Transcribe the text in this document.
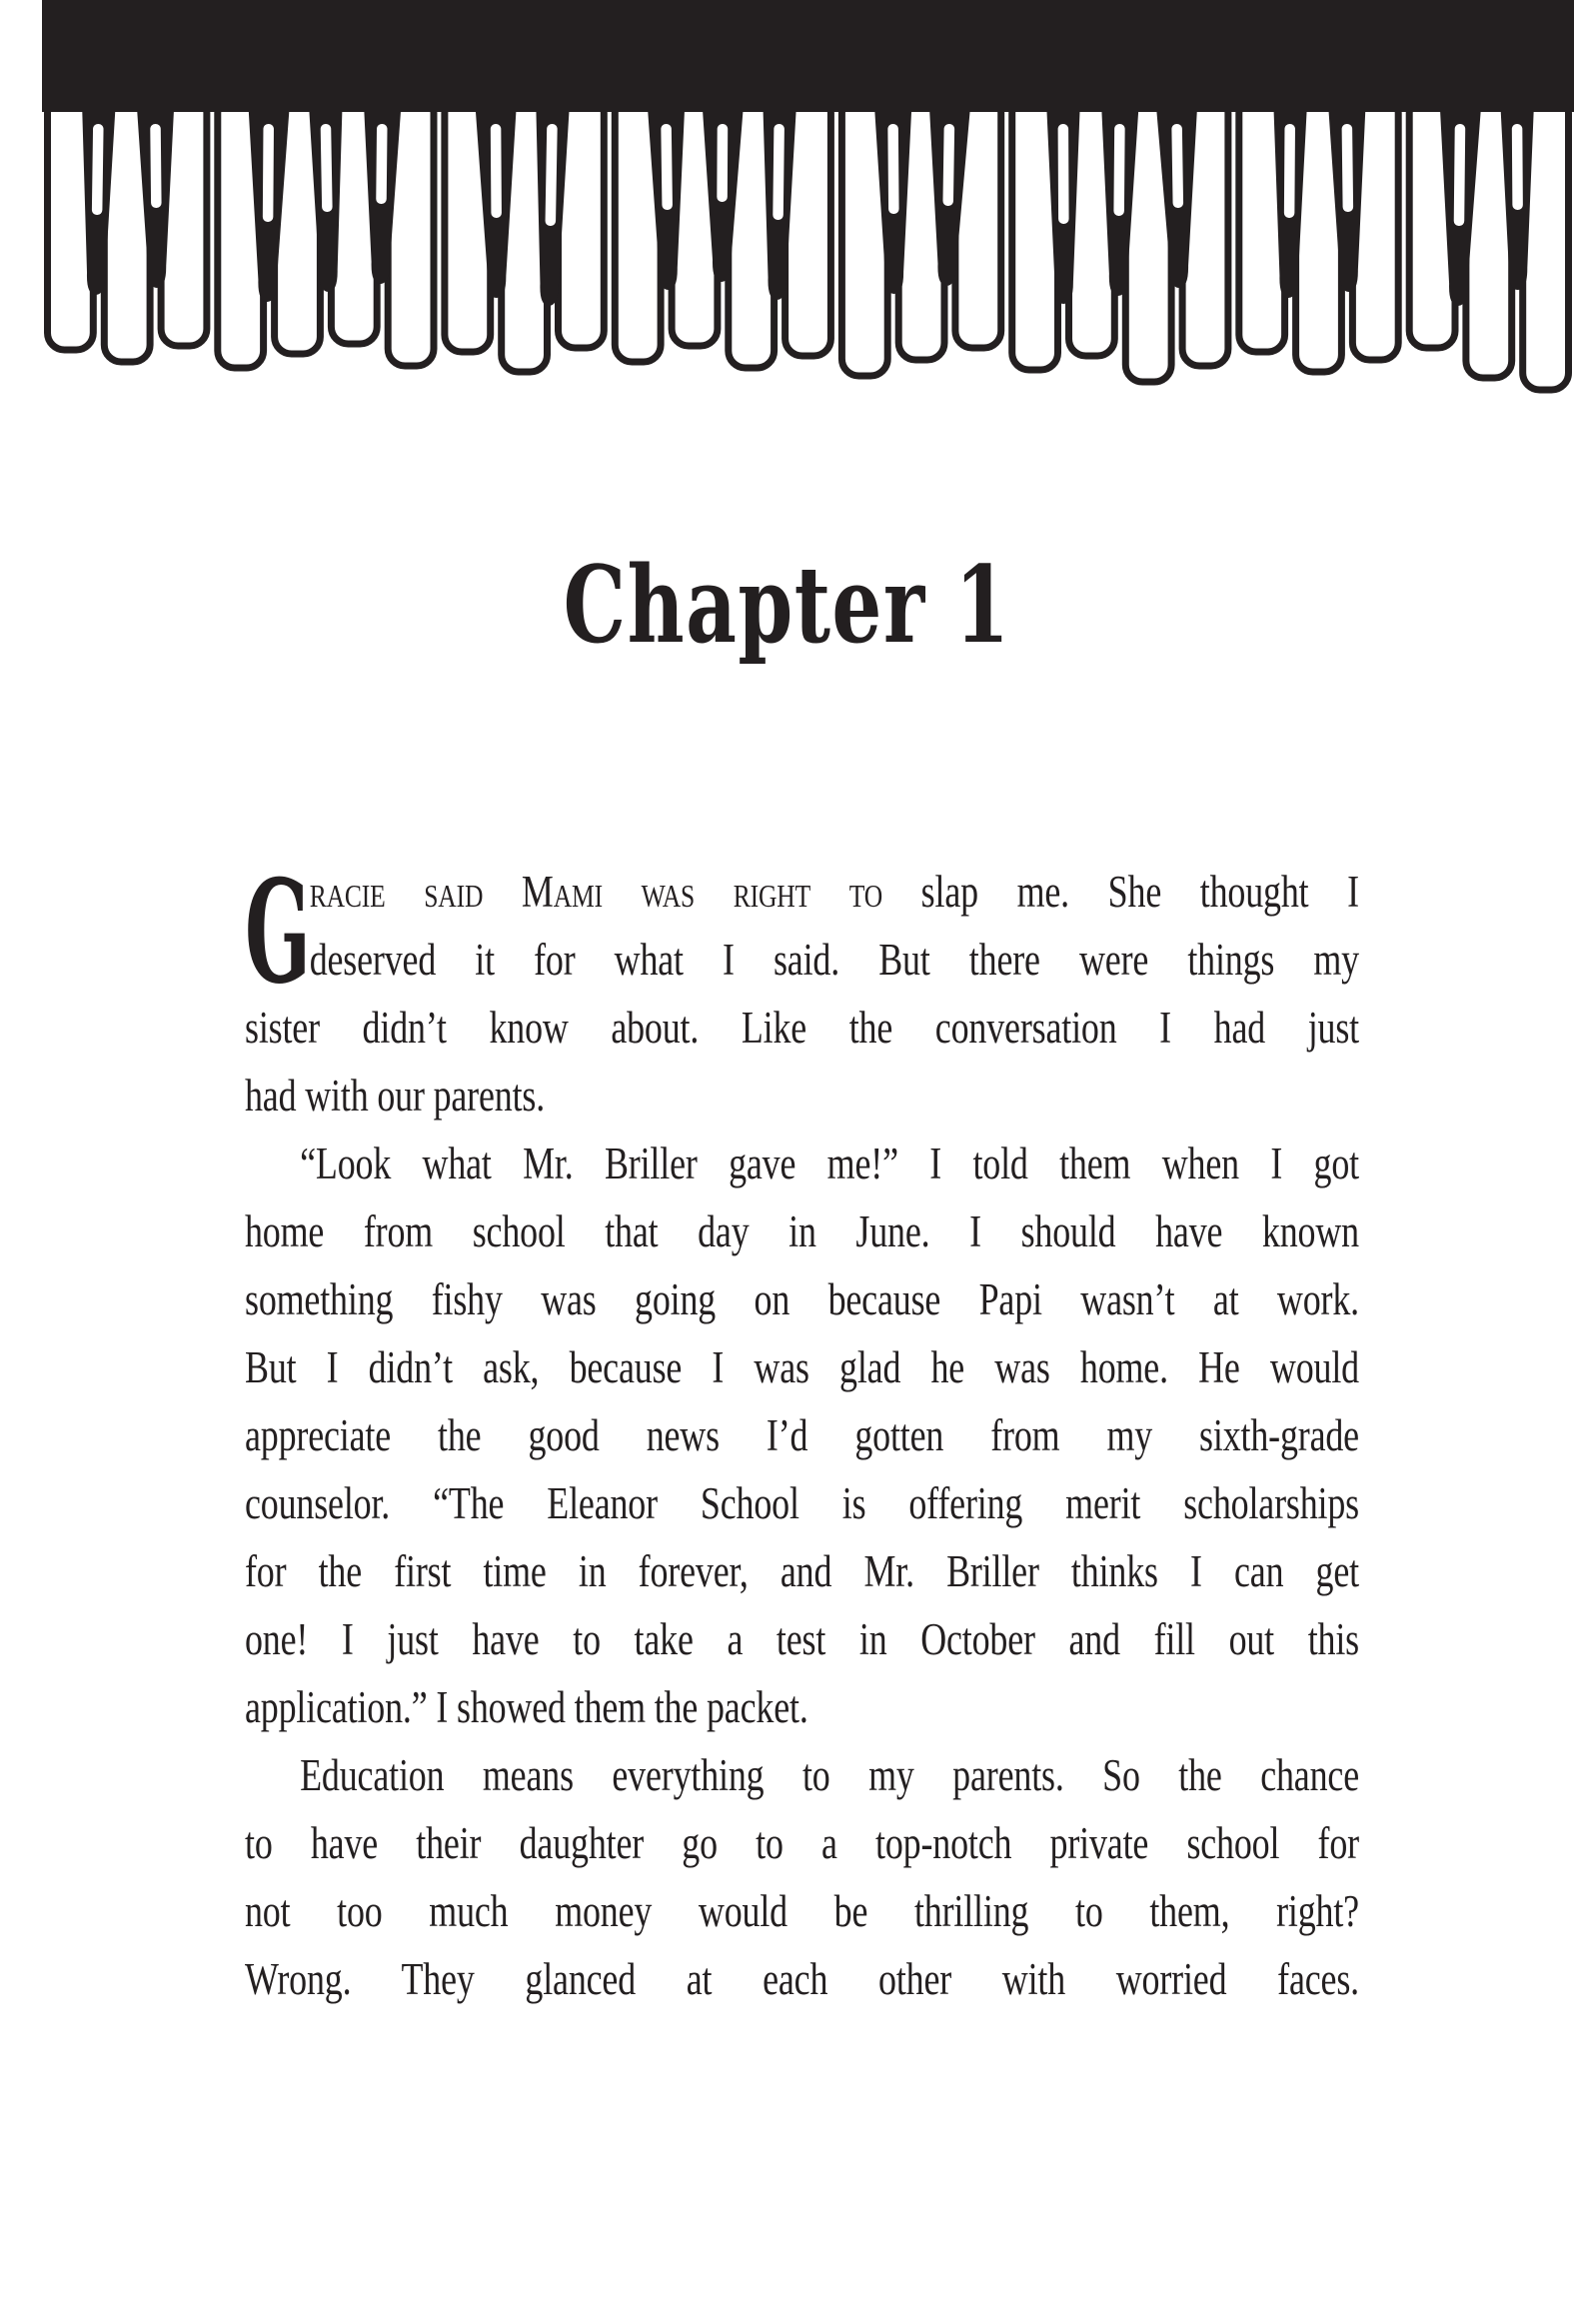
Chapter 1
G
racie said Mami was right to slap me. She thought I
deserved it for what I said. But there were things my
sister didn’t know about. Like the conversation I had just
had with our parents.
“Look what Mr. Briller gave me!” I told them when I got
home from school that day in June. I should have known
something fishy was going on because Papi wasn’t at work.
But I didn’t ask, because I was glad he was home. He would
appreciate the good news I’d gotten from my sixth-grade
counselor. “The Eleanor School is offering merit scholarships
for the first time in forever, and Mr. Briller thinks I can get
one! I just have to take a test in October and fill out this
application.” I showed them the packet.
Education means everything to my parents. So the chance
to have their daughter go to a top-notch private school for
not too much money would be thrilling to them, right?
Wrong. They glanced at each other with worried faces.
